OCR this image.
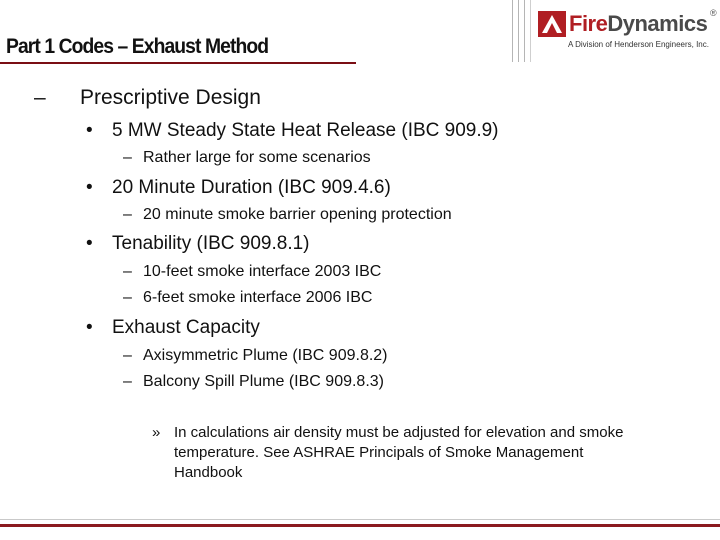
Part 1 Codes – Exhaust Method
FireDynamics ®
A Division of Henderson Engineers, Inc.
– Prescriptive Design
• 5 MW Steady State Heat Release (IBC 909.9)
– Rather large for some scenarios
• 20 Minute Duration (IBC 909.4.6)
– 20 minute smoke barrier opening protection
• Tenability (IBC 909.8.1)
– 10-feet smoke interface 2003 IBC
– 6-feet smoke interface 2006 IBC
• Exhaust Capacity
– Axisymmetric Plume (IBC 909.8.2)
– Balcony Spill Plume (IBC 909.8.3)
» In calculations air density must be adjusted for elevation and smoke
temperature. See ASHRAE Principals of Smoke Management
Handbook
